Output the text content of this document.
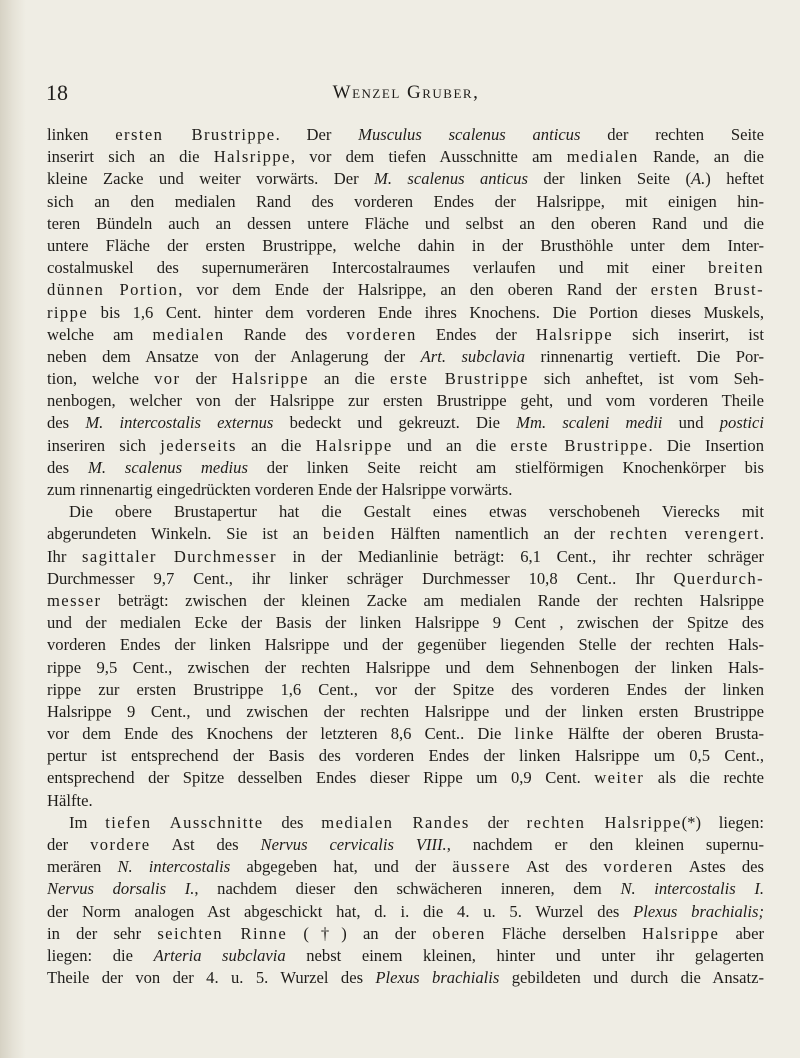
18	Wenzel Gruber,
linken ersten Brustrippe. Der Musculus scalenus anticus der rechten Seite
inserirt sich an die Halsrippe, vor dem tiefen Ausschnitte am medialen Rande, an die
kleine Zacke und weiter vorwärts. Der M. scalenus anticus der linken Seite (A.) heftet
sich an den medialen Rand des vorderen Endes der Halsrippe, mit einigen hin-
teren Bündeln auch an dessen untere Fläche und selbst an den oberen Rand und die
untere Fläche der ersten Brustrippe, welche dahin in der Brusthöhle unter dem Inter-
costalmuskel des supernumerären Intercostalraumes verlaufen und mit einer breiten
dünnen Portion, vor dem Ende der Halsrippe, an den oberen Rand der ersten Brust-
rippe bis 1,6 Cent. hinter dem vorderen Ende ihres Knochens. Die Portion dieses Muskels,
welche am medialen Rande des vorderen Endes der Halsrippe sich inserirt, ist
neben dem Ansatze von der Anlagerung der Art. subclavia rinnenartig vertieft. Die Por-
tion, welche vor der Halsrippe an die erste Brustrippe sich anheftet, ist vom Seh-
nenbogen, welcher von der Halsrippe zur ersten Brustrippe geht, und vom vorderen Theile
des M. intercostalis externus bedeckt und gekreuzt. Die Mm. scaleni medii und postici
inseriren sich jederseits an die Halsrippe und an die erste Brustrippe. Die Insertion
des M. scalenus medius der linken Seite reicht am stielförmigen Knochenkörper bis
zum rinnenartig eingedrückten vorderen Ende der Halsrippe vorwärts.
Die obere Brustapertur hat die Gestalt eines etwas verschobeneh Vierecks mit
abgerundeten Winkeln. Sie ist an beiden Hälften namentlich an der rechten verengert.
Ihr sagittaler Durchmesser in der Medianlinie beträgt: 6,1 Cent., ihr rechter schräger
Durchmesser 9,7 Cent., ihr linker schräger Durchmesser 10,8 Cent.. Ihr Querdurch-
messer beträgt: zwischen der kleinen Zacke am medialen Rande der rechten Halsrippe
und der medialen Ecke der Basis der linken Halsrippe 9 Cent , zwischen der Spitze des
vorderen Endes der linken Halsrippe und der gegenüber liegenden Stelle der rechten Hals-
rippe 9,5 Cent., zwischen der rechten Halsrippe und dem Sehnenbogen der linken Hals-
rippe zur ersten Brustrippe 1,6 Cent., vor der Spitze des vorderen Endes der linken
Halsrippe 9 Cent., und zwischen der rechten Halsrippe und der linken ersten Brustrippe
vor dem Ende des Knochens der letzteren 8,6 Cent.. Die linke Hälfte der oberen Brusta-
pertur ist entsprechend der Basis des vorderen Endes der linken Halsrippe um 0,5 Cent.,
entsprechend der Spitze desselben Endes dieser Rippe um 0,9 Cent. weiter als die rechte
Hälfte.
Im tiefen Ausschnitte des medialen Randes der rechten Halsrippe(*) liegen:
der vordere Ast des Nervus cervicalis VIII., nachdem er den kleinen supernu-
merären N. intercostalis abgegeben hat, und der äussere Ast des vorderen Astes des
Nervus dorsalis I., nachdem dieser den schwächeren inneren, dem N. intercostalis I.
der Norm analogen Ast abgeschickt hat, d. i. die 4. u. 5. Wurzel des Plexus brachialis;
in der sehr seichten Rinne (†) an der oberen Fläche derselben Halsrippe aber
liegen: die Arteria subclavia nebst einem kleinen, hinter und unter ihr gelagerten
Theile der von der 4. u. 5. Wurzel des Plexus brachialis gebildeten und durch die Ansatz-
